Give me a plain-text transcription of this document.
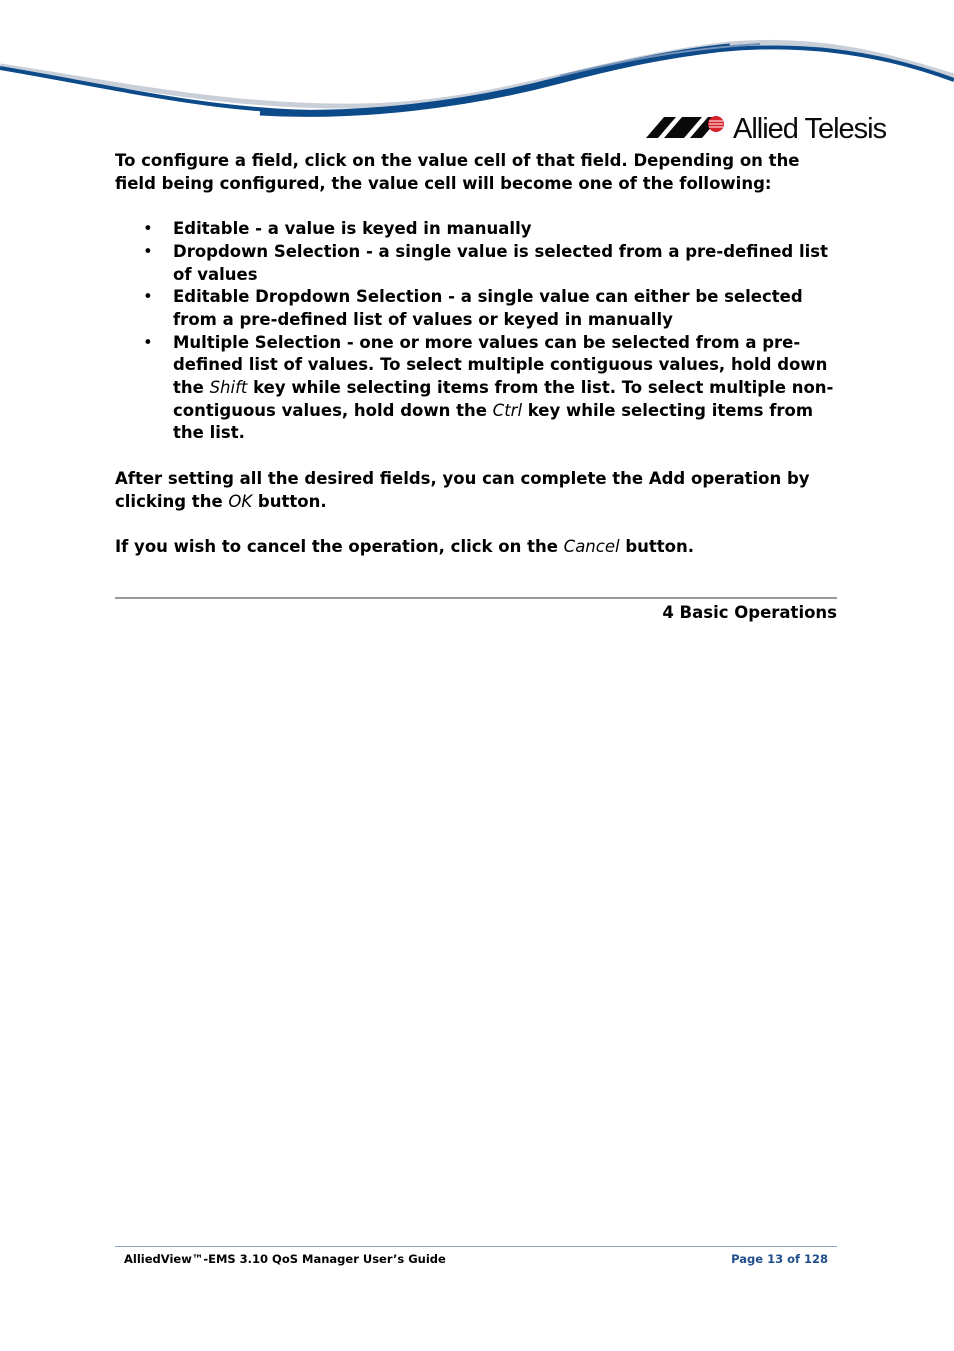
Allied Telesis

To configure a field, click on the value cell of that field. Depending on the field being configured, the value cell will become one of the following:

• Editable - a value is keyed in manually
• Dropdown Selection - a single value is selected from a pre-defined list of values
• Editable Dropdown Selection - a single value can either be selected from a pre-defined list of values or keyed in manually
• Multiple Selection - one or more values can be selected from a pre-defined list of values. To select multiple contiguous values, hold down the Shift key while selecting items from the list. To select multiple non-contiguous values, hold down the Ctrl key while selecting items from the list.

After setting all the desired fields, you can complete the Add operation by clicking the OK button.

If you wish to cancel the operation, click on the Cancel button.

4 Basic Operations
AlliedView™-EMS 3.10 QoS Manager User’s Guide	Page 13 of 128
